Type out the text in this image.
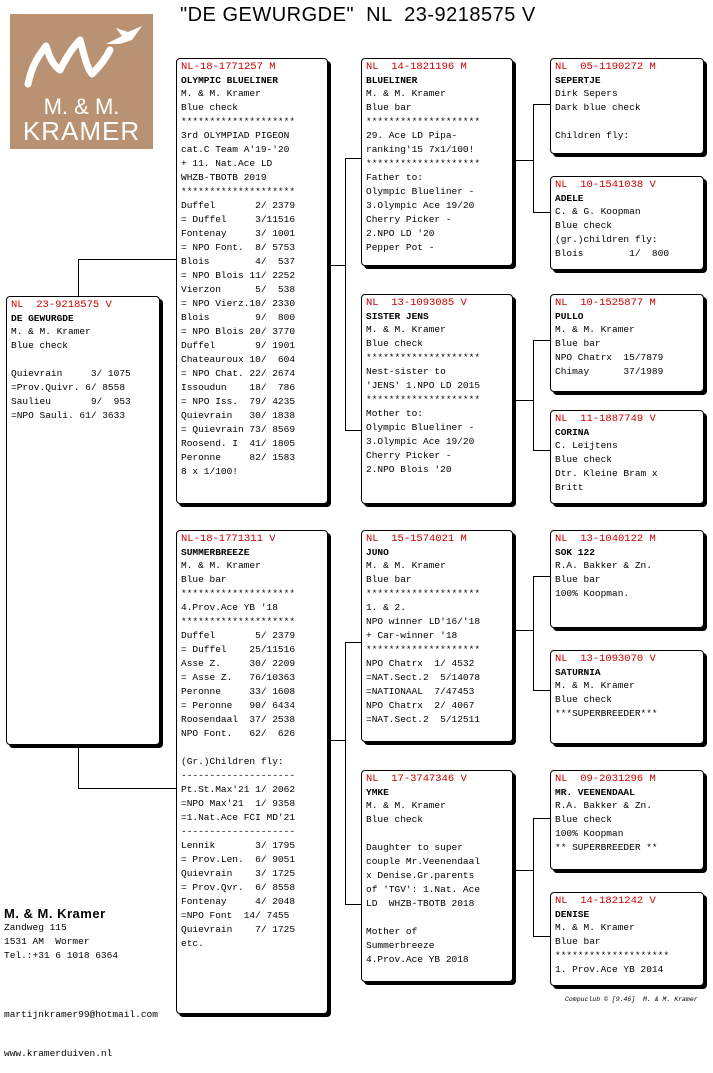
"DE GEWURGDE"  NL  23-9218575 V
M. & M.
KRAMER
NL  23-9218575 V
DE GEWURGDE
M. & M. Kramer
Blue check
Quievrain     3/ 1075
=Prov.Quivr. 6/ 8558
Saulieu       9/  953
=NPO Sauli. 61/ 3633
NL-18-1771257 M
OLYMPIC BLUELINER
M. & M. Kramer
Blue check
********************
3rd OLYMPIAD PIGEON
cat.C Team A'19-'20
+ 11. Nat.Ace LD
WHZB-TBOTB 2019
********************
Duffel       2/ 2379
= Duffel     3/11516
Fontenay     3/ 1001
= NPO Font.  8/ 5753
Blois        4/  537
= NPO Blois 11/ 2252
Vierzon      5/  538
= NPO Vierz.10/ 2330
Blois        9/  800
= NPO Blois 20/ 3770
Duffel       9/ 1901
Chateauroux 10/  604
= NPO Chat. 22/ 2674
Issoudun    18/  786
= NPO Iss.  79/ 4235
Quievrain   30/ 1838
= Quievrain 73/ 8569
Roosend. I  41/ 1805
Peronne     82/ 1583
8 x 1/100!
NL-18-1771311 V
SUMMERBREEZE
M. & M. Kramer
Blue bar
********************
4.Prov.Ace YB '18
********************
Duffel       5/ 2379
= Duffel    25/11516
Asse Z.     30/ 2209
= Asse Z.   76/10363
Peronne     33/ 1608
= Peronne   90/ 6434
Roosendaal  37/ 2538
NPO Font.   62/  626
(Gr.)Children fly:
--------------------
Pt.St.Max'21 1/ 2062
=NPO Max'21  1/ 9358
=1.Nat.Ace FCI MD'21
--------------------
Lennik       3/ 1795
= Prov.Len.  6/ 9051
Quievrain    3/ 1725
= Prov.Qvr.  6/ 8558
Fontenay     4/ 2048
=NPO Font  14/ 7455
Quievrain    7/ 1725
etc.
NL  14-1821196 M
BLUELINER
M. & M. Kramer
Blue bar
********************
29. Ace LD Pipa-
ranking'15 7x1/100!
********************
Father to:
Olympic Blueliner -
3.Olympic Ace 19/20
Cherry Picker -
2.NPO LD '20
Pepper Pot -
NL  13-1093085 V
SISTER JENS
M. & M. Kramer
Blue check
********************
Nest-sister to
'JENS' 1.NPO LD 2015
********************
Mother to:
Olympic Blueliner -
3.Olympic Ace 19/20
Cherry Picker -
2.NPO Blois '20
NL  15-1574021 M
JUNO
M. & M. Kramer
Blue bar
********************
1. & 2.
NPO winner LD'16/'18
+ Car-winner '18
********************
NPO Chatrx  1/ 4532
=NAT.Sect.2  5/14078
=NATIONAAL  7/47453
NPO Chatrx  2/ 4067
=NAT.Sect.2  5/12511
NL  17-3747346 V
YMKE
M. & M. Kramer
Blue check
Daughter to super
couple Mr.Veenendaal
x Denise.Gr.parents
of 'TGV': 1.Nat. Ace
LD  WHZB-TBOTB 2018
Mother of
Summerbreeze
4.Prov.Ace YB 2018
NL  05-1190272 M
SEPERTJE
Dirk Sepers
Dark blue check
Children fly:
NL  10-1541038 V
ADELE
C. & G. Koopman
Blue check
(gr.)children fly:
Blois        1/  800
NL  10-1525877 M
PULLO
M. & M. Kramer
Blue bar
NPO Chatrx  15/7879
Chimay      37/1989
NL  11-1887749 V
CORINA
C. Leijtens
Blue check
Dtr. Kleine Bram x
Britt
NL  13-1040122 M
SOK 122
R.A. Bakker & Zn.
Blue bar
100% Koopman.
NL  13-1093070 V
SATURNIA
M. & M. Kramer
Blue check
***SUPERBREEDER***
NL  09-2031296 M
MR. VEENENDAAL
R.A. Bakker & Zn.
Blue check
100% Koopman
** SUPERBREEDER **
NL  14-1821242 V
DENISE
M. & M. Kramer
Blue bar
********************
1. Prov.Ace YB 2014
M. & M. Kramer
Zandweg 115
1531 AM  Wormer
Tel.:+31 6 1018 6364

martijnkramer99@hotmail.com

www.kramerduiven.nl

Compuclub © [9.46]  M. & M. Kramer
